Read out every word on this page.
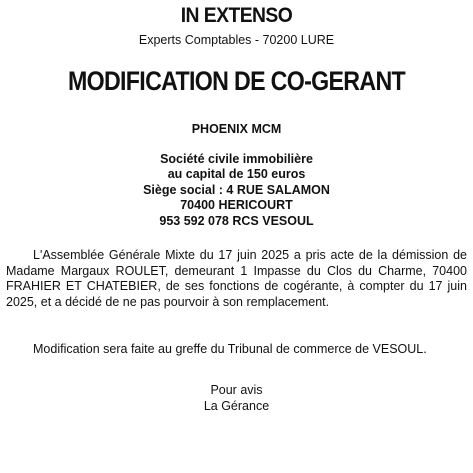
IN EXTENSO
Experts Comptables - 70200 LURE
MODIFICATION DE CO-GERANT
PHOENIX MCM
Société civile immobilière
au capital de 150 euros
Siège social : 4 RUE SALAMON
70400 HERICOURT
953 592 078 RCS VESOUL
L'Assemblée Générale Mixte du 17 juin 2025 a pris acte de la démission de Madame Margaux ROULET, demeurant 1 Impasse du Clos du Charme, 70400 FRAHIER ET CHATEBIER, de ses fonctions de cogérante, à compter du 17 juin 2025, et a décidé de ne pas pourvoir à son remplacement.
Modification sera faite au greffe du Tribunal de commerce de VESOUL.
Pour avis
La Gérance
